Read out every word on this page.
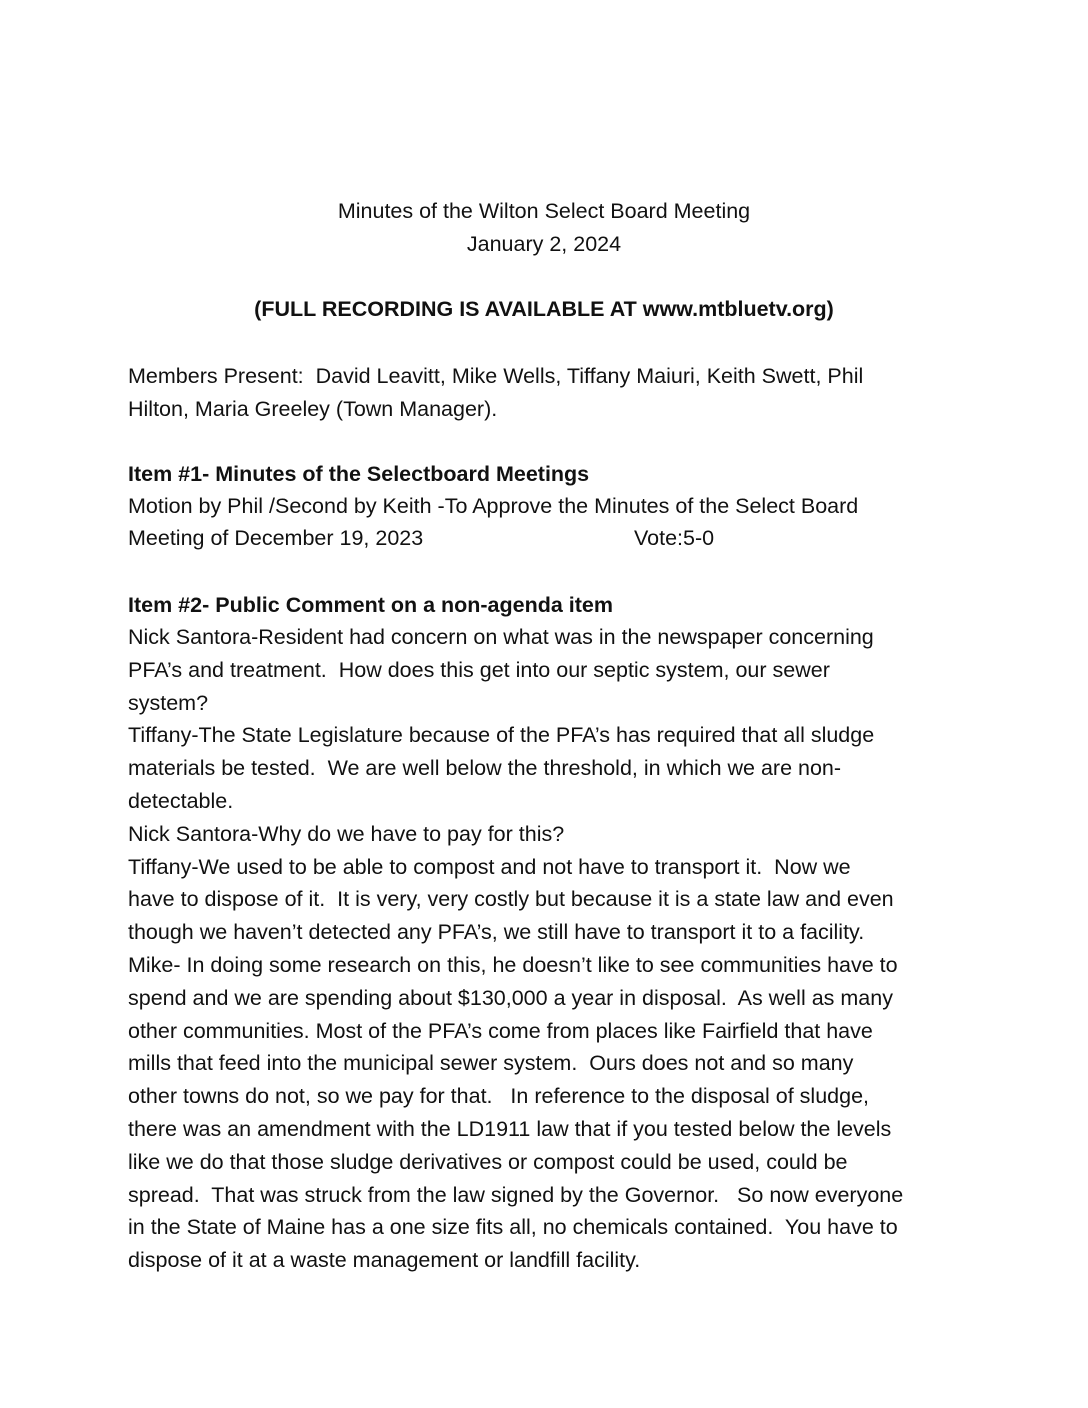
Minutes of the Wilton Select Board Meeting
January 2, 2024
(FULL RECORDING IS AVAILABLE AT www.mtbluetv.org)
Members Present:  David Leavitt, Mike Wells, Tiffany Maiuri, Keith Swett, Phil
Hilton, Maria Greeley (Town Manager).
Item #1- Minutes of the Selectboard Meetings
Motion by Phil /Second by Keith -To Approve the Minutes of the Select Board
Meeting of December 19, 2023	Vote:5-0
Item #2- Public Comment on a non-agenda item
Nick Santora-Resident had concern on what was in the newspaper concerning
PFA’s and treatment.  How does this get into our septic system, our sewer
system?
Tiffany-The State Legislature because of the PFA’s has required that all sludge
materials be tested.  We are well below the threshold, in which we are non-
detectable.
Nick Santora-Why do we have to pay for this?
Tiffany-We used to be able to compost and not have to transport it.  Now we
have to dispose of it.  It is very, very costly but because it is a state law and even
though we haven’t detected any PFA’s, we still have to transport it to a facility.
Mike- In doing some research on this, he doesn’t like to see communities have to
spend and we are spending about $130,000 a year in disposal.  As well as many
other communities. Most of the PFA’s come from places like Fairfield that have
mills that feed into the municipal sewer system.  Ours does not and so many
other towns do not, so we pay for that.   In reference to the disposal of sludge,
there was an amendment with the LD1911 law that if you tested below the levels
like we do that those sludge derivatives or compost could be used, could be
spread.  That was struck from the law signed by the Governor.   So now everyone
in the State of Maine has a one size fits all, no chemicals contained.  You have to
dispose of it at a waste management or landfill facility.
